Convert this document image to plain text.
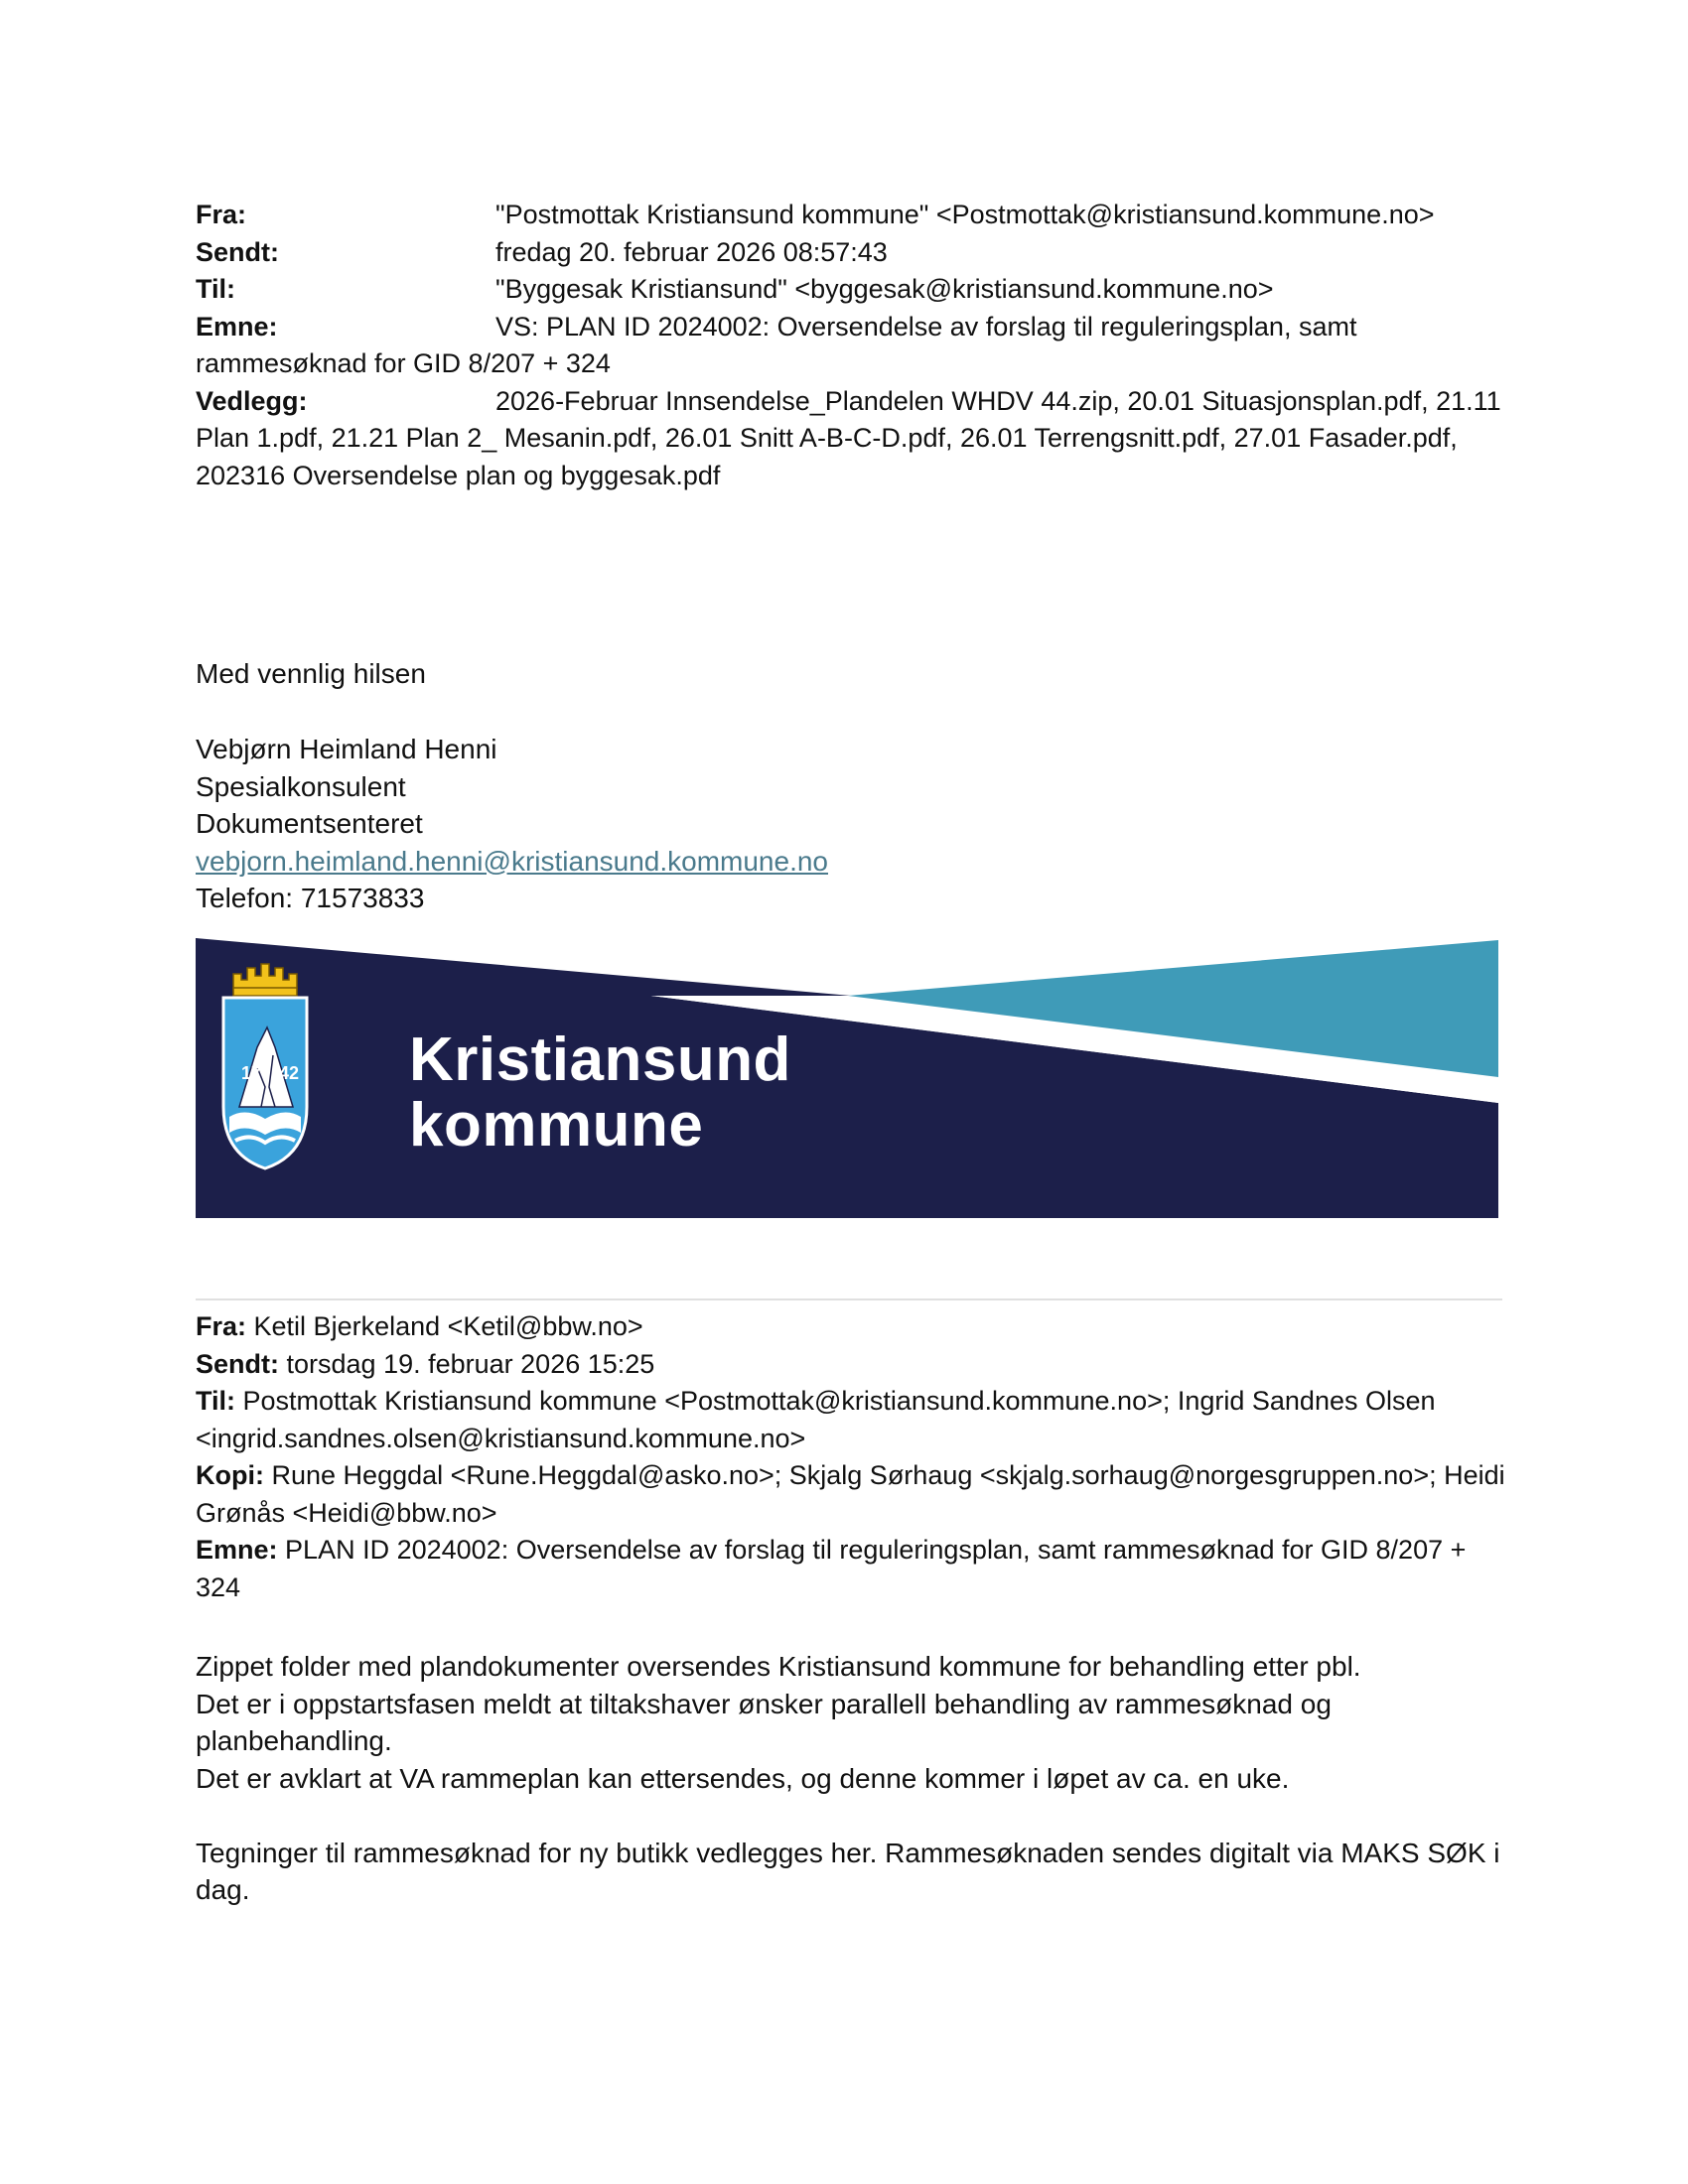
Fra:	"Postmottak Kristiansund kommune" <Postmottak@kristiansund.kommune.no>
Sendt:	fredag 20. februar 2026 08:57:43
Til:	"Byggesak Kristiansund" <byggesak@kristiansund.kommune.no>
Emne:	VS: PLAN ID 2024002: Oversendelse av forslag til reguleringsplan, samt rammesøknad for GID 8/207 + 324
Vedlegg:	2026-Februar Innsendelse_Plandelen WHDV 44.zip, 20.01 Situasjonsplan.pdf, 21.11 Plan 1.pdf, 21.21 Plan 2_ Mesanin.pdf, 26.01 Snitt A-B-C-D.pdf, 26.01 Terrengsnitt.pdf, 27.01 Fasader.pdf, 202316 Oversendelse plan og byggesak.pdf
Med vennlig hilsen
Vebjørn Heimland Henni
Spesialkonsulent
Dokumentsenteret
vebjorn.heimland.henni@kristiansund.kommune.no
Telefon: 71573833
17 42 Kristiansund
kommune
Fra: Ketil Bjerkeland <Ketil@bbw.no>
Sendt: torsdag 19. februar 2026 15:25
Til: Postmottak Kristiansund kommune <Postmottak@kristiansund.kommune.no>; Ingrid Sandnes Olsen <ingrid.sandnes.olsen@kristiansund.kommune.no>
Kopi: Rune Heggdal <Rune.Heggdal@asko.no>; Skjalg Sørhaug <skjalg.sorhaug@norgesgruppen.no>; Heidi Grønås <Heidi@bbw.no>
Emne: PLAN ID 2024002: Oversendelse av forslag til reguleringsplan, samt rammesøknad for GID 8/207 + 324

Zippet folder med plandokumenter oversendes Kristiansund kommune for behandling etter pbl.
Det er i oppstartsfasen meldt at tiltakshaver ønsker parallell behandling av rammesøknad og planbehandling.
Det er avklart at VA rammeplan kan ettersendes, og denne kommer i løpet av ca. en uke.

Tegninger til rammesøknad for ny butikk vedlegges her. Rammesøknaden sendes digitalt via MAKS SØK i dag.
